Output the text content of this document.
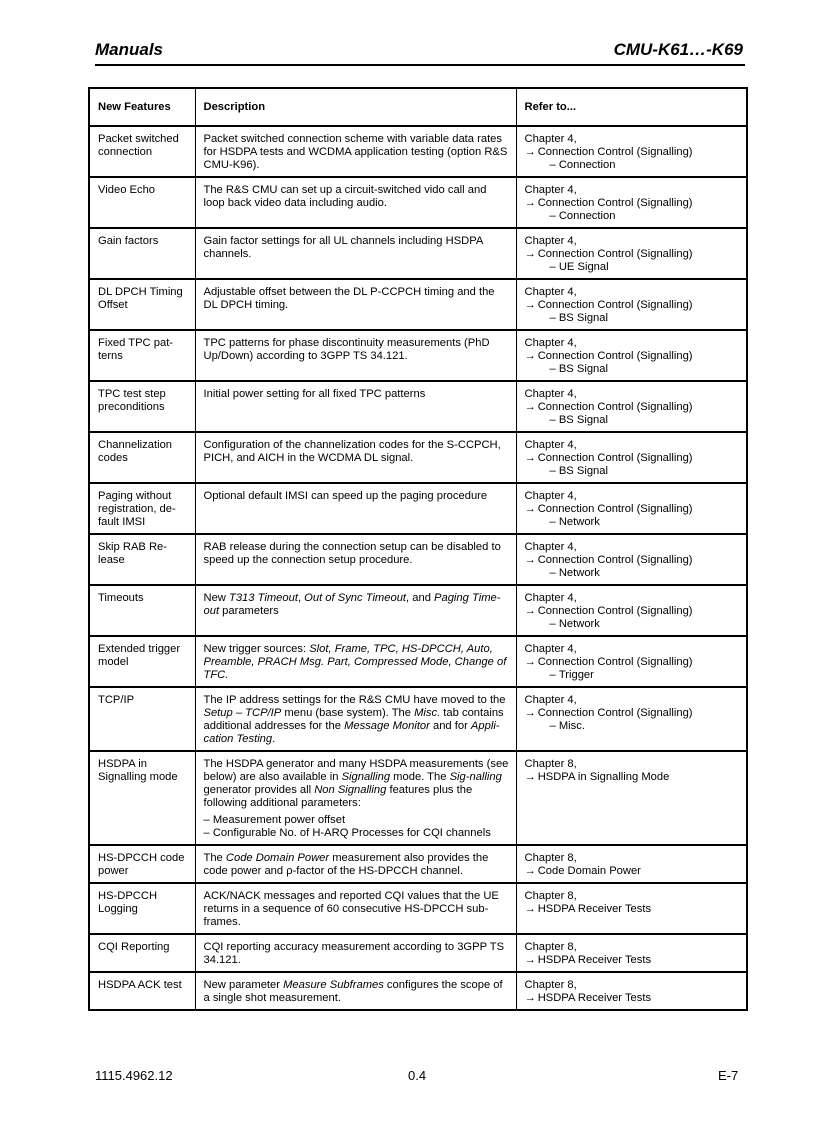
Manuals	CMU-K61…-K69
New Features	Description	Refer to...
Packet switched connection	Packet switched connection scheme with variable data rates for HSDPA tests and WCDMA application testing (option R&S CMU-K96).	Chapter 4,
→ Connection Control (Signalling)
– Connection

Video Echo	The R&S CMU can set up a circuit-switched vido call and loop back video data including audio.	Chapter 4,
→ Connection Control (Signalling)
– Connection

Gain factors	Gain factor settings for all UL channels including HSDPA channels.	Chapter 4,
→ Connection Control (Signalling)
– UE Signal

DL DPCH Timing Offset	Adjustable offset between the DL P-CCPCH timing and the DL DPCH timing.	Chapter 4,
→ Connection Control (Signalling)
– BS Signal

Fixed TPC pat-terns	TPC patterns for phase discontinuity measurements (PhD Up/Down) according to 3GPP TS 34.121.	Chapter 4,
→ Connection Control (Signalling)
– BS Signal

TPC test step preconditions	Initial power setting for all fixed TPC patterns	Chapter 4,
→ Connection Control (Signalling)
– BS Signal

Channelization codes	Configuration of the channelization codes for the S-CCPCH, PICH, and AICH in the WCDMA DL signal.	Chapter 4,
→ Connection Control (Signalling)
– BS Signal

Paging without registration, de-fault IMSI	Optional default IMSI can speed up the paging procedure	Chapter 4,
→ Connection Control (Signalling)
– Network

Skip RAB Re-lease	RAB release during the connection setup can be disabled to speed up the connection setup procedure.	Chapter 4,
→ Connection Control (Signalling)
– Network

Timeouts	New T313 Timeout, Out of Sync Timeout, and Paging Time-out parameters	Chapter 4,
→ Connection Control (Signalling)
– Network

Extended trigger model	New trigger sources: Slot, Frame, TPC, HS-DPCCH, Auto, Preamble, PRACH Msg. Part, Compressed Mode, Change of TFC.	Chapter 4,
→ Connection Control (Signalling)
– Trigger

TCP/IP	The IP address settings for the R&S CMU have moved to the Setup – TCP/IP menu (base system). The Misc. tab contains additional addresses for the Message Monitor and for Appli-cation Testing.	Chapter 4,
→ Connection Control (Signalling)
– Misc.

HSDPA in Signalling mode	The HSDPA generator and many HSDPA measurements (see below) are also available in Signalling mode. The Sig-nalling generator provides all Non Signalling features plus the following additional parameters:
– Measurement power offset
– Configurable No. of H-ARQ Processes for CQI channels	Chapter 8,
→ HSDPA in Signalling Mode

HS-DPCCH code power	The Code Domain Power measurement also provides the code power and ρ-factor of the HS-DPCCH channel.	Chapter 8,
→ Code Domain Power

HS-DPCCH Logging	ACK/NACK messages and reported CQI values that the UE returns in a sequence of 60 consecutive HS-DPCCH sub-frames.	Chapter 8,
→ HSDPA Receiver Tests

CQI Reporting	CQI reporting accuracy measurement according to 3GPP TS 34.121.	Chapter 8,
→ HSDPA Receiver Tests

HSDPA ACK test	New parameter Measure Subframes configures the scope of a single shot measurement.	Chapter 8,
→ HSDPA Receiver Tests
1115.4962.12	0.4	E-7
